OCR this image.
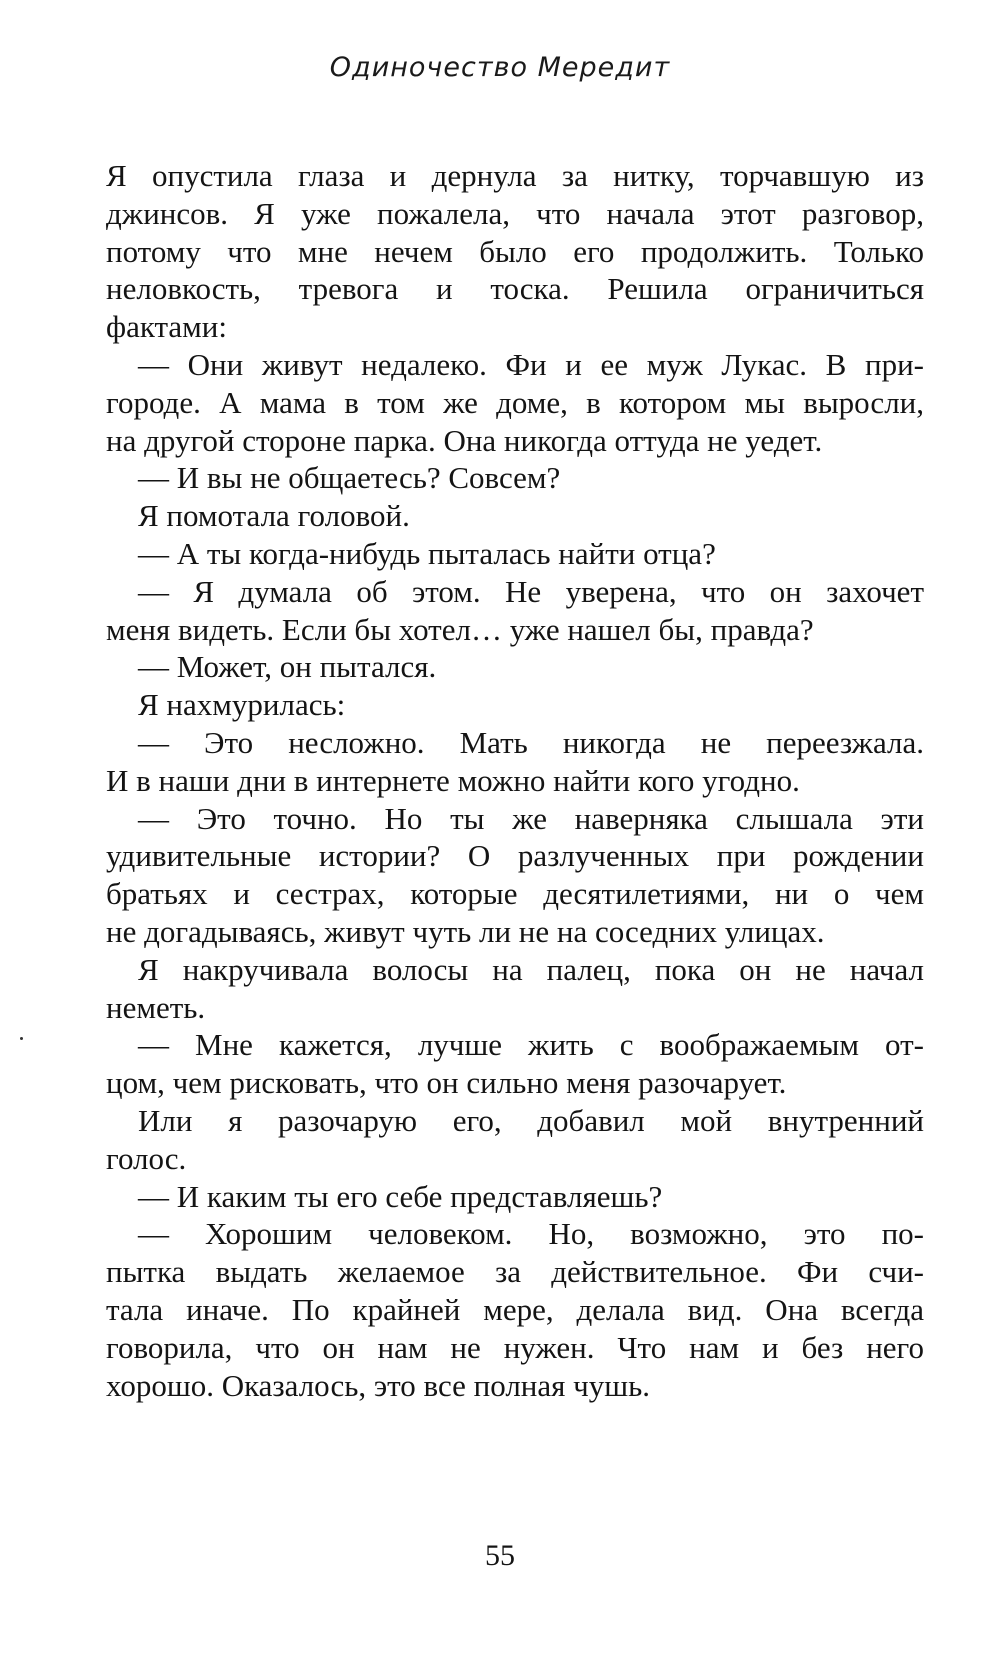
Одиночество Мередит
Я опустила глаза и дернула за нитку, торчавшую из
джинсов. Я уже пожалела, что начала этот разговор,
потому что мне нечем было его продолжить. Только
неловкость, тревога и тоска. Решила ограничиться
фактами:
— Они живут недалеко. Фи и ее муж Лукас. В при-
городе. А мама в том же доме, в котором мы выросли,
на другой стороне парка. Она никогда оттуда не уедет.
— И вы не общаетесь? Совсем?
Я помотала головой.
— А ты когда-нибудь пыталась найти отца?
— Я думала об этом. Не уверена, что он захочет
меня видеть. Если бы хотел… уже нашел бы, правда?
— Может, он пытался.
Я нахмурилась:
— Это несложно. Мать никогда не переезжала.
И в наши дни в интернете можно найти кого угодно.
— Это точно. Но ты же наверняка слышала эти
удивительные истории? О разлученных при рождении
братьях и сестрах, которые десятилетиями, ни о чем
не догадываясь, живут чуть ли не на соседних улицах.
Я накручивала волосы на палец, пока он не начал
неметь.
— Мне кажется, лучше жить с воображаемым от-
цом, чем рисковать, что он сильно меня разочарует.
Или я разочарую его, добавил мой внутренний
голос.
— И каким ты его себе представляешь?
— Хорошим человеком. Но, возможно, это по-
пытка выдать желаемое за действительное. Фи счи-
тала иначе. По крайней мере, делала вид. Она всегда
говорила, что он нам не нужен. Что нам и без него
хорошо. Оказалось, это все полная чушь.
55
